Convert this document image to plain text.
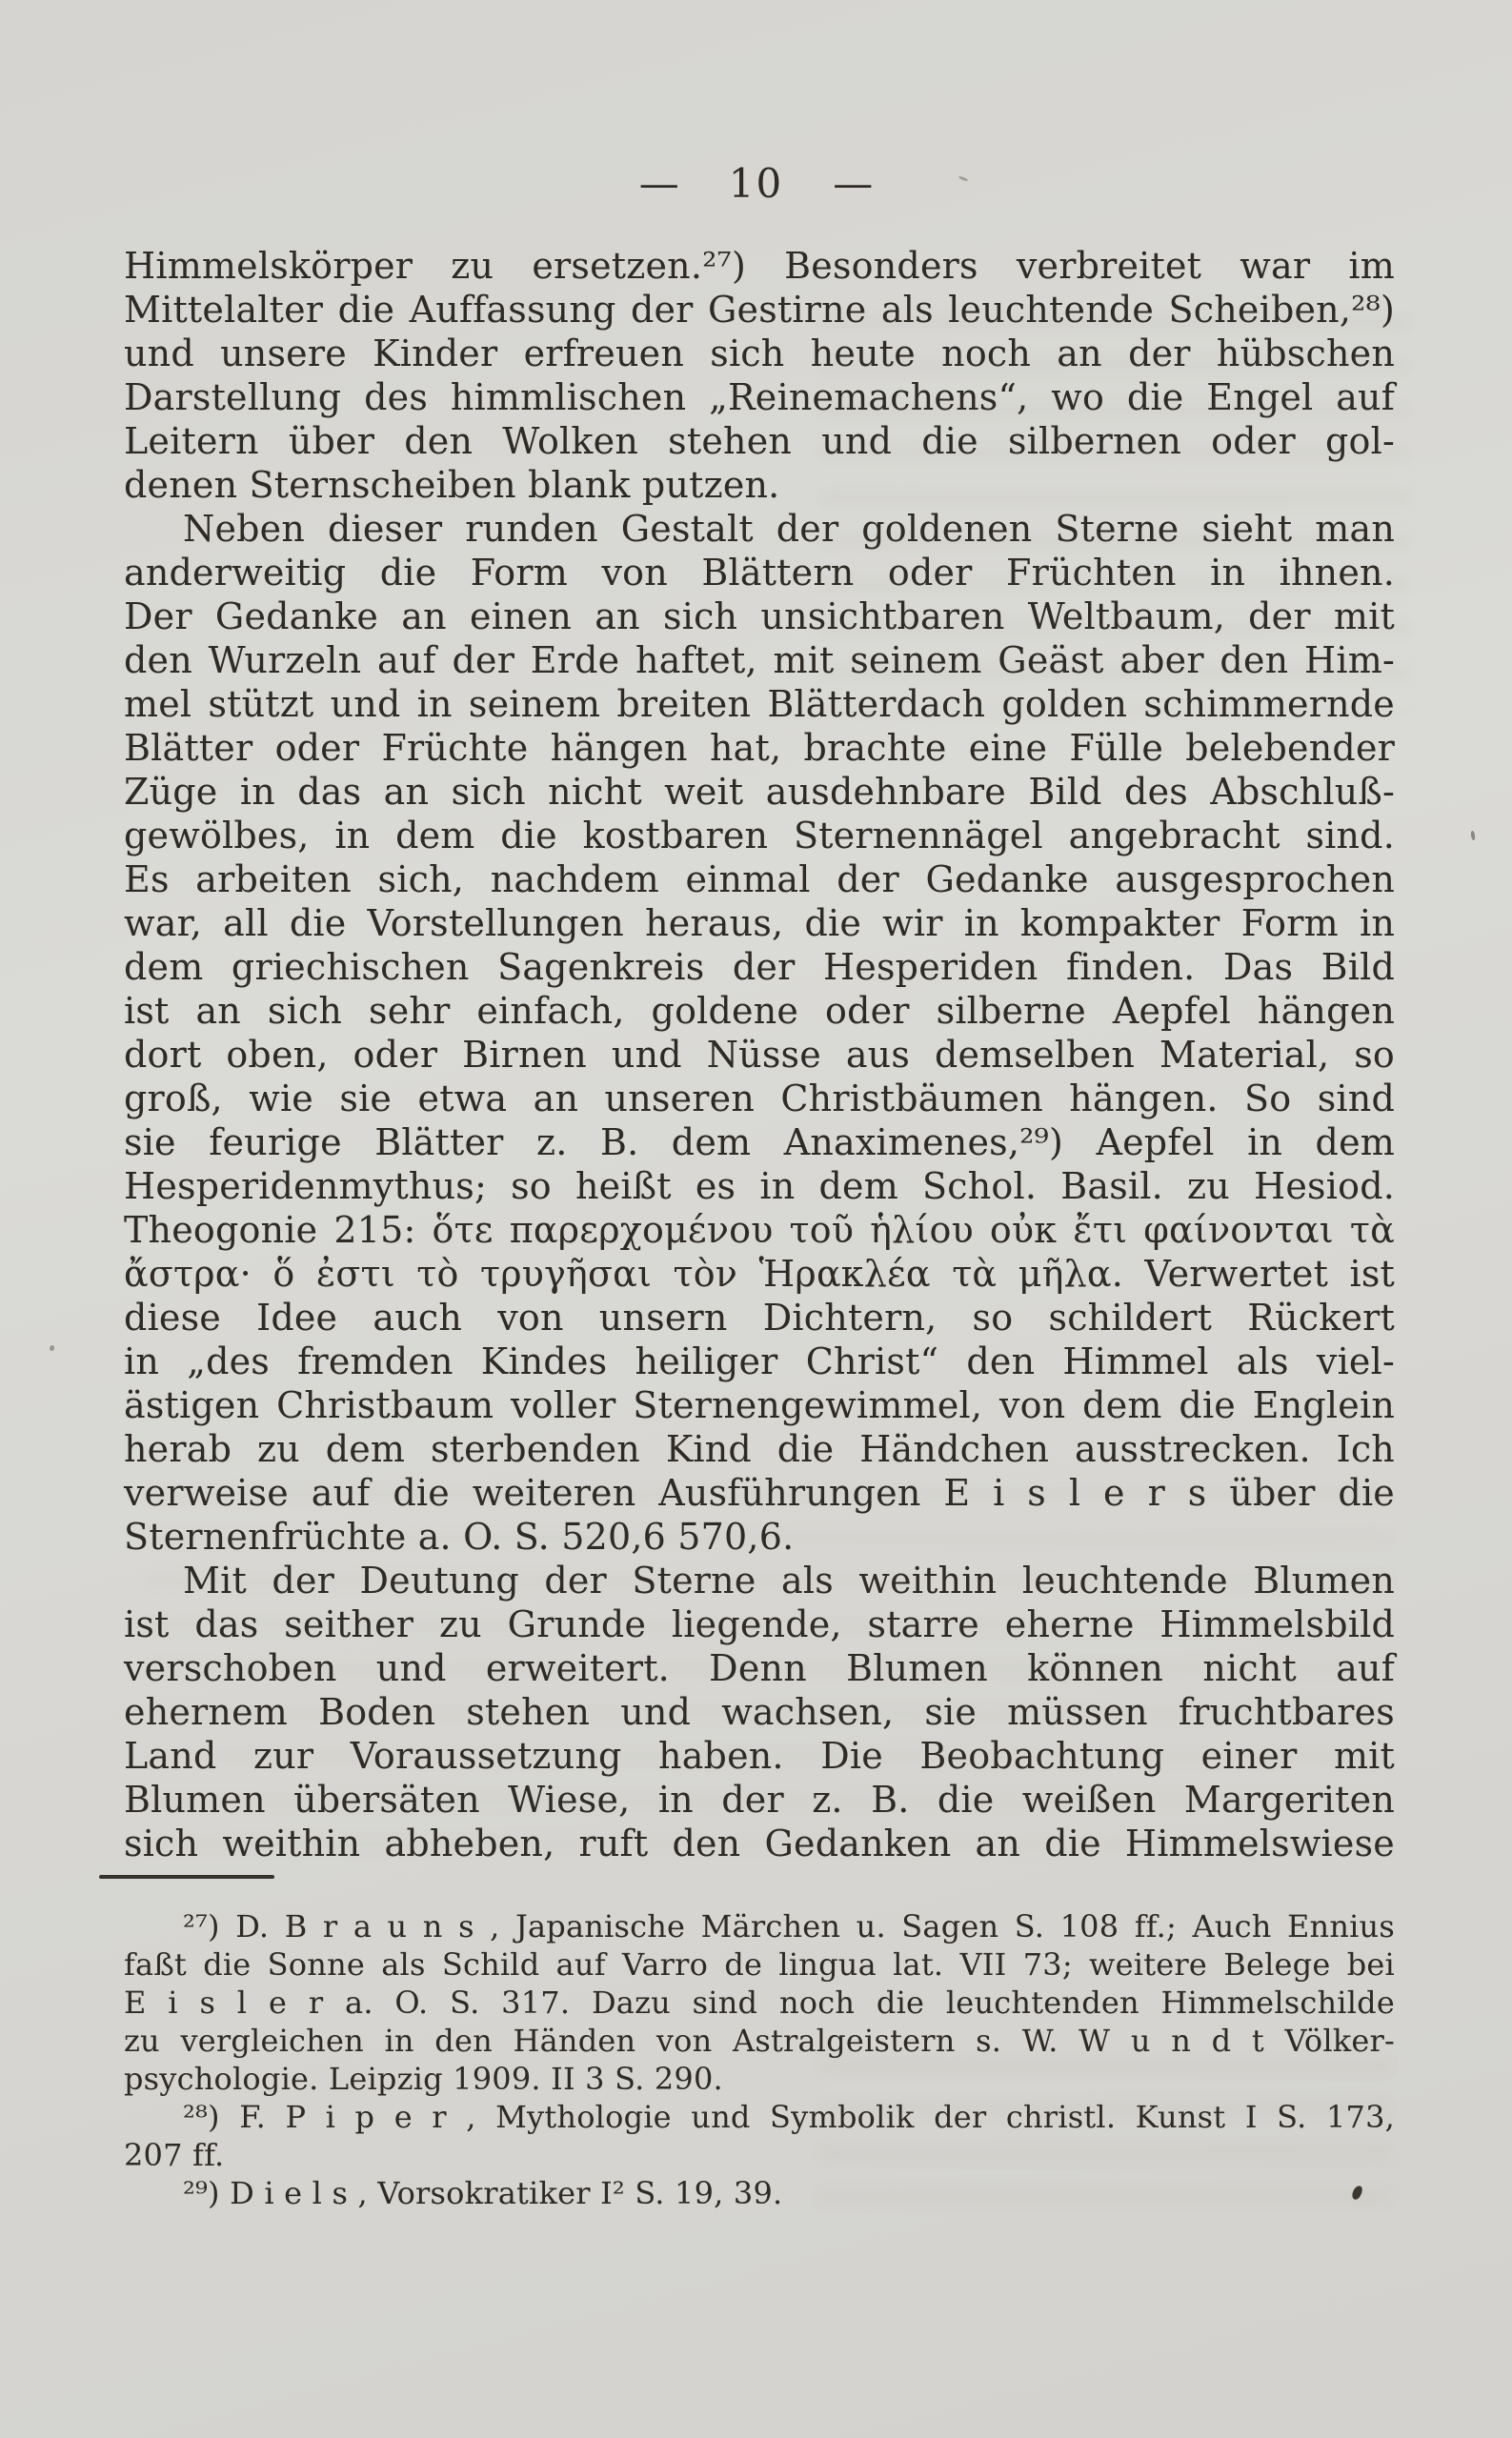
— 10 —
Himmelskörper zu ersetzen.²⁷) Besonders verbreitet war im
Mittelalter die Auffassung der Gestirne als leuchtende Scheiben,²⁸)
und unsere Kinder erfreuen sich heute noch an der hübschen
Darstellung des himmlischen „Reinemachens“, wo die Engel auf
Leitern über den Wolken stehen und die silbernen oder gol-
denen Sternscheiben blank putzen.
Neben dieser runden Gestalt der goldenen Sterne sieht man
anderweitig die Form von Blättern oder Früchten in ihnen.
Der Gedanke an einen an sich unsichtbaren Weltbaum, der mit
den Wurzeln auf der Erde haftet, mit seinem Geäst aber den Him-
mel stützt und in seinem breiten Blätterdach golden schimmernde
Blätter oder Früchte hängen hat, brachte eine Fülle belebender
Züge in das an sich nicht weit ausdehnbare Bild des Abschluß-
gewölbes, in dem die kostbaren Sternennägel angebracht sind.
Es arbeiten sich, nachdem einmal der Gedanke ausgesprochen
war, all die Vorstellungen heraus, die wir in kompakter Form in
dem griechischen Sagenkreis der Hesperiden finden. Das Bild
ist an sich sehr einfach, goldene oder silberne Aepfel hängen
dort oben, oder Birnen und Nüsse aus demselben Material, so
groß, wie sie etwa an unseren Christbäumen hängen. So sind
sie feurige Blätter z. B. dem Anaximenes,²⁹) Aepfel in dem
Hesperidenmythus; so heißt es in dem Schol. Basil. zu Hesiod.
Theogonie 215: ὅτε παρερχομένου τοῦ ἡλίου οὐκ ἔτι φαίνονται τὰ
ἄστρα· ὅ ἐστι τὸ τρυγῆσαι τὸν Ἡρακλέα τὰ μῆλα. Verwertet ist
diese Idee auch von unsern Dichtern, so schildert Rückert
in „des fremden Kindes heiliger Christ“ den Himmel als viel-
ästigen Christbaum voller Sternengewimmel, von dem die Englein
herab zu dem sterbenden Kind die Händchen ausstrecken. Ich
verweise auf die weiteren Ausführungen E i s l e r s über die
Sternenfrüchte a. O. S. 520,6 570,6.
Mit der Deutung der Sterne als weithin leuchtende Blumen
ist das seither zu Grunde liegende, starre eherne Himmelsbild
verschoben und erweitert. Denn Blumen können nicht auf
ehernem Boden stehen und wachsen, sie müssen fruchtbares
Land zur Voraussetzung haben. Die Beobachtung einer mit
Blumen übersäten Wiese, in der z. B. die weißen Margeriten
sich weithin abheben, ruft den Gedanken an die Himmelswiese
²⁷) D. B r a u n s , Japanische Märchen u. Sagen S. 108 ff.; Auch Ennius
faßt die Sonne als Schild auf Varro de lingua lat. VII 73; weitere Belege bei
E i s l e r a. O. S. 317. Dazu sind noch die leuchtenden Himmelschilde
zu vergleichen in den Händen von Astralgeistern s. W. W u n d t Völker-
psychologie. Leipzig 1909. II 3 S. 290.
²⁸) F. P i p e r , Mythologie und Symbolik der christl. Kunst I S. 173,
207 ff.
²⁹) D i e l s , Vorsokratiker I² S. 19, 39.
